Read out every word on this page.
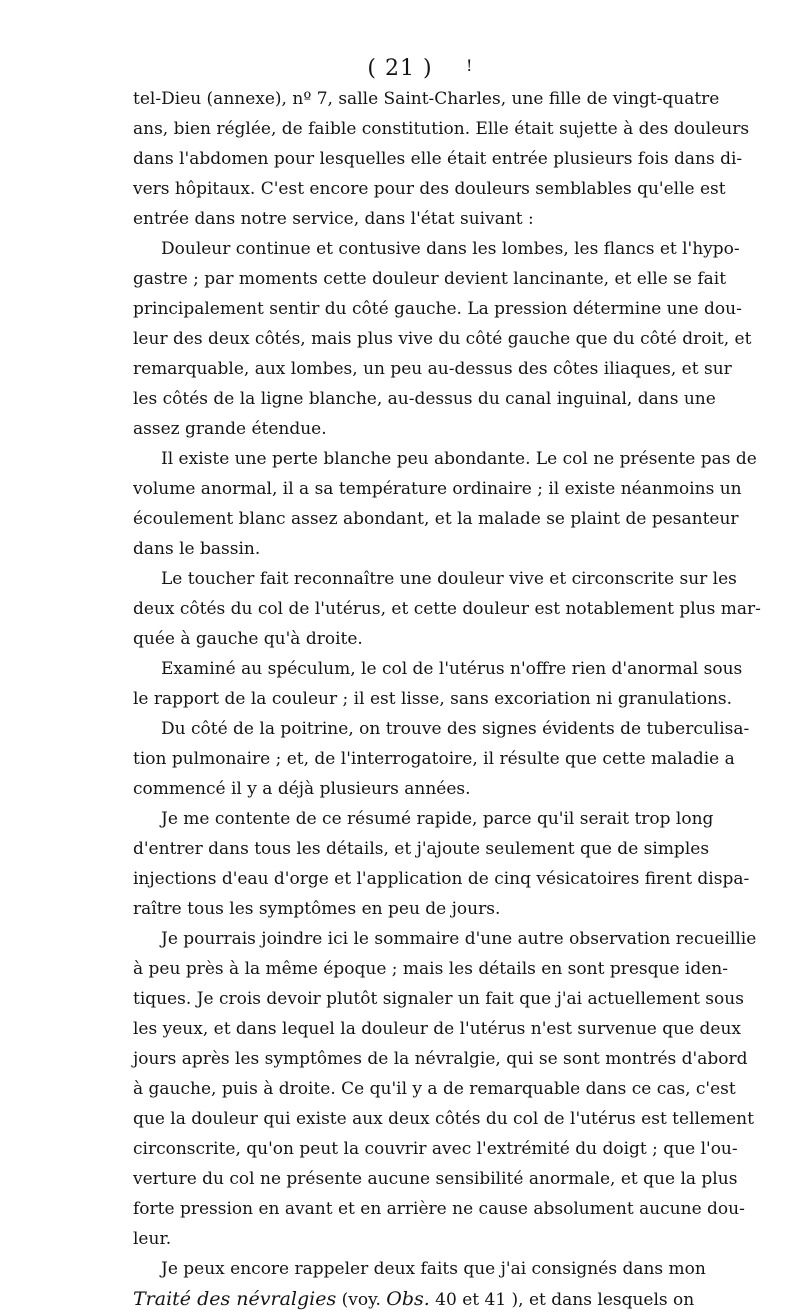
( 21 )	!
tel-Dieu (annexe), nº 7, salle Saint-Charles, une fille de vingt-quatre
ans, bien réglée, de faible constitution. Elle était sujette à des douleurs
dans l'abdomen pour lesquelles elle était entrée plusieurs fois dans di-
vers hôpitaux. C'est encore pour des douleurs semblables qu'elle est
entrée dans notre service, dans l'état suivant :
Douleur continue et contusive dans les lombes, les flancs et l'hypo-
gastre ; par moments cette douleur devient lancinante, et elle se fait
principalement sentir du côté gauche. La pression détermine une dou-
leur des deux côtés, mais plus vive du côté gauche que du côté droit, et
remarquable, aux lombes, un peu au-dessus des côtes iliaques, et sur
les côtés de la ligne blanche, au-dessus du canal inguinal, dans une
assez grande étendue.
Il existe une perte blanche peu abondante. Le col ne présente pas de
volume anormal, il a sa température ordinaire ; il existe néanmoins un
écoulement blanc assez abondant, et la malade se plaint de pesanteur
dans le bassin.
Le toucher fait reconnaître une douleur vive et circonscrite sur les
deux côtés du col de l'utérus, et cette douleur est notablement plus mar-
quée à gauche qu'à droite.
Examiné au spéculum, le col de l'utérus n'offre rien d'anormal sous
le rapport de la couleur ; il est lisse, sans excoriation ni granulations.
Du côté de la poitrine, on trouve des signes évidents de tuberculisa-
tion pulmonaire ; et, de l'interrogatoire, il résulte que cette maladie a
commencé il y a déjà plusieurs années.
Je me contente de ce résumé rapide, parce qu'il serait trop long
d'entrer dans tous les détails, et j'ajoute seulement que de simples
injections d'eau d'orge et l'application de cinq vésicatoires firent dispa-
raître tous les symptômes en peu de jours.
Je pourrais joindre ici le sommaire d'une autre observation recueillie
à peu près à la même époque ; mais les détails en sont presque iden-
tiques. Je crois devoir plutôt signaler un fait que j'ai actuellement sous
les yeux, et dans lequel la douleur de l'utérus n'est survenue que deux
jours après les symptômes de la névralgie, qui se sont montrés d'abord
à gauche, puis à droite. Ce qu'il y a de remarquable dans ce cas, c'est
que la douleur qui existe aux deux côtés du col de l'utérus est tellement
circonscrite, qu'on peut la couvrir avec l'extrémité du doigt ; que l'ou-
verture du col ne présente aucune sensibilité anormale, et que la plus
forte pression en avant et en arrière ne cause absolument aucune dou-
leur.
Je peux encore rappeler deux faits que j'ai consignés dans mon
Traité des névralgies (voy. Obs. 40 et 41 ), et dans lesquels on
